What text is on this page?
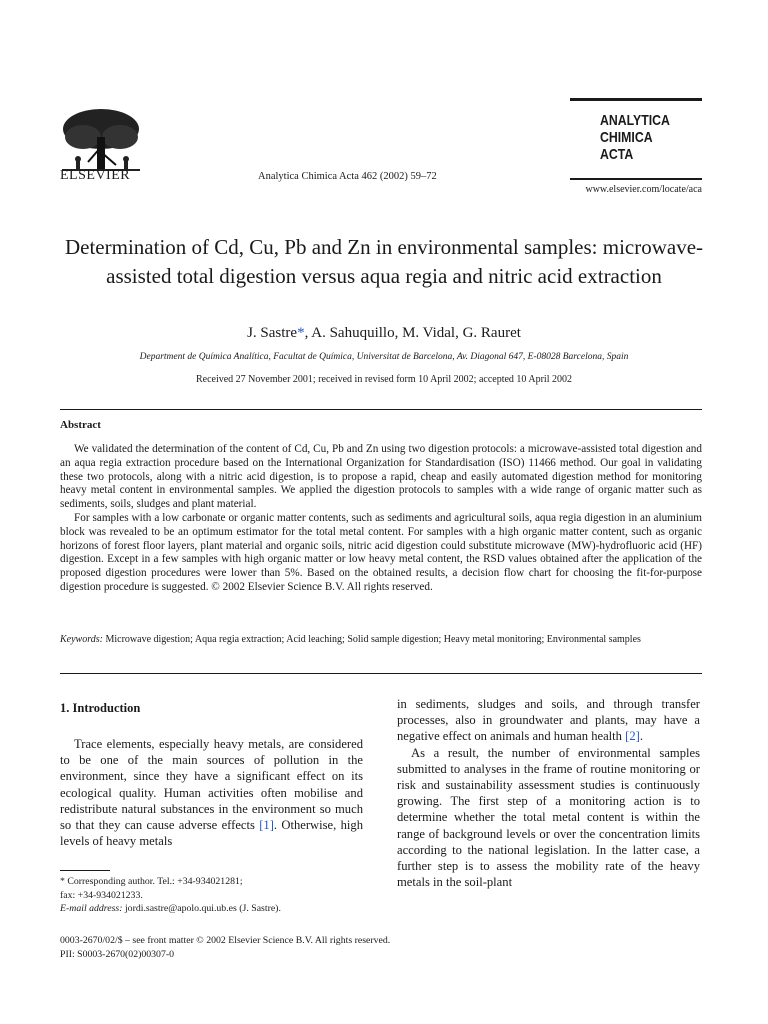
ELSEVIER	Analytica Chimica Acta 462 (2002) 59–72
ANALYTICA
CHIMICA
ACTA
www.elsevier.com/locate/aca
Determination of Cd, Cu, Pb and Zn in environmental samples: microwave-assisted total digestion versus aqua regia and nitric acid extraction
J. Sastre*, A. Sahuquillo, M. Vidal, G. Rauret
Department de Química Analítica, Facultat de Química, Universitat de Barcelona, Av. Diagonal 647, E-08028 Barcelona, Spain
Received 27 November 2001; received in revised form 10 April 2002; accepted 10 April 2002
Abstract

We validated the determination of the content of Cd, Cu, Pb and Zn using two digestion protocols: a microwave-assisted total digestion and an aqua regia extraction procedure based on the International Organization for Standardisation (ISO) 11466 method. Our goal in validating these two protocols, along with a nitric acid digestion, is to propose a rapid, cheap and easily automated digestion method for monitoring heavy metal content in environmental samples. We applied the digestion protocols to samples with a wide range of organic matter such as sediments, soils, sludges and plant material.

For samples with a low carbonate or organic matter contents, such as sediments and agricultural soils, aqua regia digestion in an aluminium block was revealed to be an optimum estimator for the total metal content. For samples with a high organic matter content, such as organic horizons of forest floor layers, plant material and organic soils, nitric acid digestion could substitute microwave (MW)-hydrofluoric acid (HF) digestion. Except in a few samples with high organic matter or low heavy metal content, the RSD values obtained after the application of the proposed digestion procedures were lower than 5%. Based on the obtained results, a decision flow chart for choosing the fit-for-purpose digestion procedure is suggested. © 2002 Elsevier Science B.V. All rights reserved.

Keywords: Microwave digestion; Aqua regia extraction; Acid leaching; Solid sample digestion; Heavy metal monitoring; Environmental samples
1. Introduction

Trace elements, especially heavy metals, are considered to be one of the main sources of pollution in the environment, since they have a significant effect on its ecological quality. Human activities often mobilise and redistribute natural substances in the environment so much so that they can cause adverse effects [1]. Otherwise, high levels of heavy metals

in sediments, sludges and soils, and through transfer processes, also in groundwater and plants, may have a negative effect on animals and human health [2].

As a result, the number of environmental samples submitted to analyses in the frame of routine monitoring or risk and sustainability assessment studies is continuously growing. The first step of a monitoring action is to determine whether the total metal content is within the range of background levels or over the concentration limits according to the national legislation. In the latter case, a further step is to assess the mobility rate of the heavy metals in the soil-plant

* Corresponding author. Tel.: +34-934021281;
fax: +34-934021233.
E-mail address: jordi.sastre@apolo.qui.ub.es (J. Sastre).
0003-2670/02/$ – see front matter © 2002 Elsevier Science B.V. All rights reserved.
PII: S0003-2670(02)00307-0
